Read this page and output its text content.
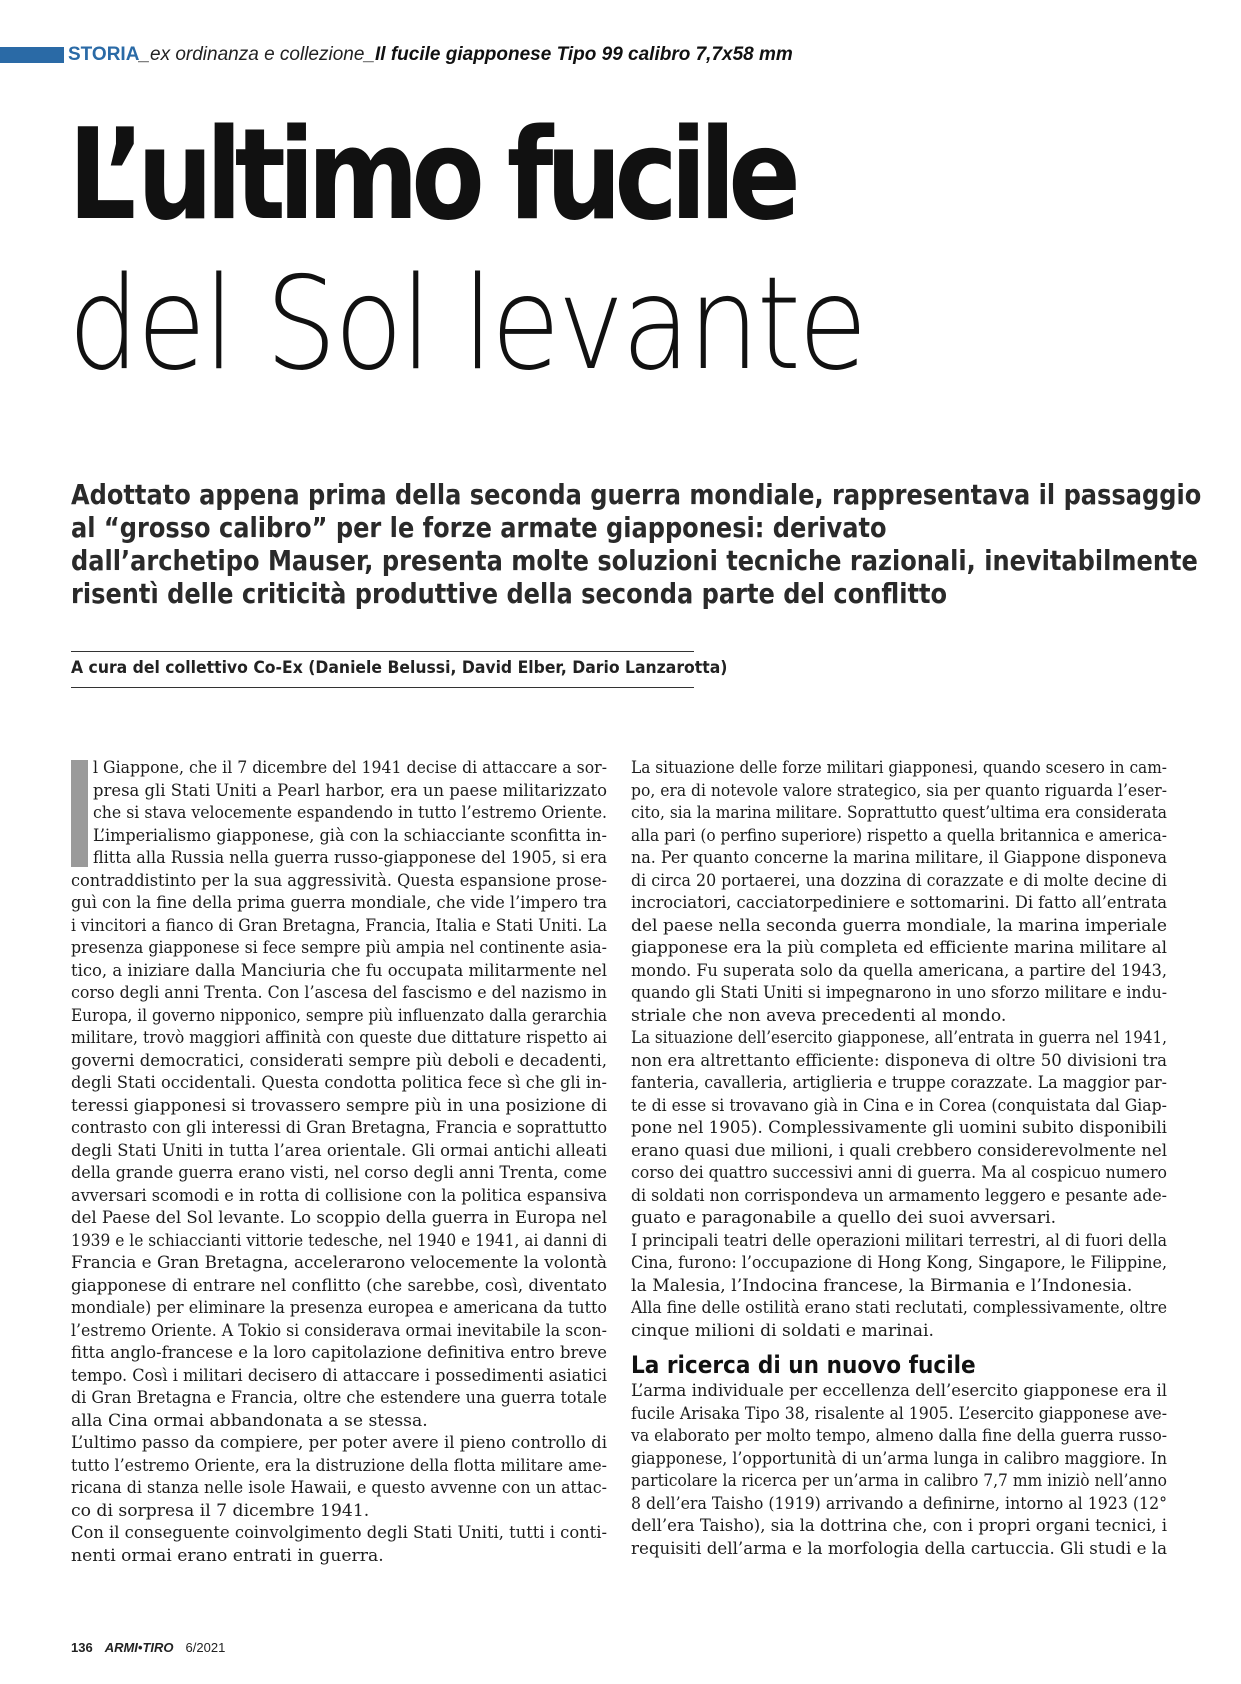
STORIA_ex ordinanza e collezione_Il fucile giapponese Tipo 99 calibro 7,7x58 mm
L’ultimo fucile
del Sol levante
Adottato appena prima della seconda guerra mondiale, rappresentava il passaggio
al “grosso calibro” per le forze armate giapponesi: derivato
dall’archetipo Mauser, presenta molte soluzioni tecniche razionali, inevitabilmente
risentì delle criticità produttive della seconda parte del conflitto
A cura del collettivo Co-Ex (Daniele Belussi, David Elber, Dario Lanzarotta)
l Giappone, che il 7 dicembre del 1941 decise di attaccare a sor-
presa gli Stati Uniti a Pearl harbor, era un paese militarizzato
che si stava velocemente espandendo in tutto l’estremo Oriente.
L’imperialismo giapponese, già con la schiacciante sconfitta in-
flitta alla Russia nella guerra russo-giapponese del 1905, si era
contraddistinto per la sua aggressività. Questa espansione prose-
guì con la fine della prima guerra mondiale, che vide l’impero tra
i vincitori a fianco di Gran Bretagna, Francia, Italia e Stati Uniti. La
presenza giapponese si fece sempre più ampia nel continente asia-
tico, a iniziare dalla Manciuria che fu occupata militarmente nel
corso degli anni Trenta. Con l’ascesa del fascismo e del nazismo in
Europa, il governo nipponico, sempre più influenzato dalla gerarchia
militare, trovò maggiori affinità con queste due dittature rispetto ai
governi democratici, considerati sempre più deboli e decadenti,
degli Stati occidentali. Questa condotta politica fece sì che gli in-
teressi giapponesi si trovassero sempre più in una posizione di
contrasto con gli interessi di Gran Bretagna, Francia e soprattutto
degli Stati Uniti in tutta l’area orientale. Gli ormai antichi alleati
della grande guerra erano visti, nel corso degli anni Trenta, come
avversari scomodi e in rotta di collisione con la politica espansiva
del Paese del Sol levante. Lo scoppio della guerra in Europa nel
1939 e le schiaccianti vittorie tedesche, nel 1940 e 1941, ai danni di
Francia e Gran Bretagna, accelerarono velocemente la volontà
giapponese di entrare nel conflitto (che sarebbe, così, diventato
mondiale) per eliminare la presenza europea e americana da tutto
l’estremo Oriente. A Tokio si considerava ormai inevitabile la scon-
fitta anglo-francese e la loro capitolazione definitiva entro breve
tempo. Così i militari decisero di attaccare i possedimenti asiatici
di Gran Bretagna e Francia, oltre che estendere una guerra totale
alla Cina ormai abbandonata a se stessa.
L’ultimo passo da compiere, per poter avere il pieno controllo di
tutto l’estremo Oriente, era la distruzione della flotta militare ame-
ricana di stanza nelle isole Hawaii, e questo avvenne con un attac-
co di sorpresa il 7 dicembre 1941.
Con il conseguente coinvolgimento degli Stati Uniti, tutti i conti-
nenti ormai erano entrati in guerra.
La situazione delle forze militari giapponesi, quando scesero in cam-
po, era di notevole valore strategico, sia per quanto riguarda l’eser-
cito, sia la marina militare. Soprattutto quest’ultima era considerata
alla pari (o perfino superiore) rispetto a quella britannica e america-
na. Per quanto concerne la marina militare, il Giappone disponeva
di circa 20 portaerei, una dozzina di corazzate e di molte decine di
incrociatori, cacciatorpediniere e sottomarini. Di fatto all’entrata
del paese nella seconda guerra mondiale, la marina imperiale
giapponese era la più completa ed efficiente marina militare al
mondo. Fu superata solo da quella americana, a partire del 1943,
quando gli Stati Uniti si impegnarono in uno sforzo militare e indu-
striale che non aveva precedenti al mondo.
La situazione dell’esercito giapponese, all’entrata in guerra nel 1941,
non era altrettanto efficiente: disponeva di oltre 50 divisioni tra
fanteria, cavalleria, artiglieria e truppe corazzate. La maggior par-
te di esse si trovavano già in Cina e in Corea (conquistata dal Giap-
pone nel 1905). Complessivamente gli uomini subito disponibili
erano quasi due milioni, i quali crebbero considerevolmente nel
corso dei quattro successivi anni di guerra. Ma al cospicuo numero
di soldati non corrispondeva un armamento leggero e pesante ade-
guato e paragonabile a quello dei suoi avversari.
I principali teatri delle operazioni militari terrestri, al di fuori della
Cina, furono: l’occupazione di Hong Kong, Singapore, le Filippine,
la Malesia, l’Indocina francese, la Birmania e l’Indonesia.
Alla fine delle ostilità erano stati reclutati, complessivamente, oltre
cinque milioni di soldati e marinai.
La ricerca di un nuovo fucile
L’arma individuale per eccellenza dell’esercito giapponese era il
fucile Arisaka Tipo 38, risalente al 1905. L’esercito giapponese ave-
va elaborato per molto tempo, almeno dalla fine della guerra russo-
giapponese, l’opportunità di un’arma lunga in calibro maggiore. In
particolare la ricerca per un’arma in calibro 7,7 mm iniziò nell’anno
8 dell’era Taisho (1919) arrivando a definirne, intorno al 1923 (12°
dell’era Taisho), sia la dottrina che, con i propri organi tecnici, i
requisiti dell’arma e la morfologia della cartuccia. Gli studi e la
136 ARMI•TIRO 6/2021
